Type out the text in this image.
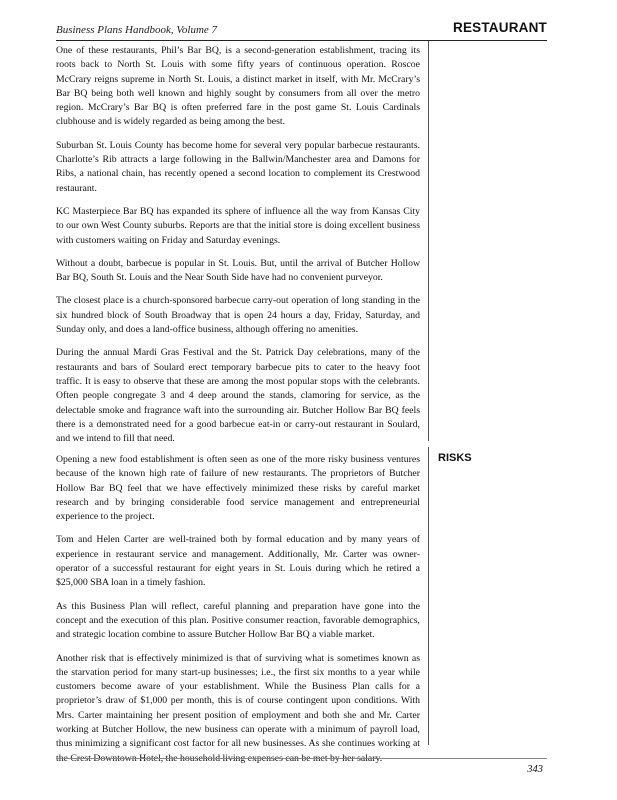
Business Plans Handbook, Volume 7	RESTAURANT

One of these restaurants, Phil’s Bar BQ, is a second-generation establishment, tracing its roots back to North St. Louis with some fifty years of continuous operation. Roscoe McCrary reigns supreme in North St. Louis, a distinct market in itself, with Mr. McCrary’s Bar BQ being both well known and highly sought by consumers from all over the metro region. McCrary’s Bar BQ is often preferred fare in the post game St. Louis Cardinals clubhouse and is widely regarded as being among the best.

Suburban St. Louis County has become home for several very popular barbecue restaurants. Charlotte’s Rib attracts a large following in the Ballwin/Manchester area and Damons for Ribs, a national chain, has recently opened a second location to complement its Crestwood restaurant.

KC Masterpiece Bar BQ has expanded its sphere of influence all the way from Kansas City to our own West County suburbs. Reports are that the initial store is doing excellent business with customers waiting on Friday and Saturday evenings.

Without a doubt, barbecue is popular in St. Louis. But, until the arrival of Butcher Hollow Bar BQ, South St. Louis and the Near South Side have had no convenient purveyor.

The closest place is a church-sponsored barbecue carry-out operation of long standing in the six hundred block of South Broadway that is open 24 hours a day, Friday, Saturday, and Sunday only, and does a land-office business, although offering no amenities.

During the annual Mardi Gras Festival and the St. Patrick Day celebrations, many of the restaurants and bars of Soulard erect temporary barbecue pits to cater to the heavy foot traffic. It is easy to observe that these are among the most popular stops with the celebrants. Often people congregate 3 and 4 deep around the stands, clamoring for service, as the delectable smoke and fragrance waft into the surrounding air. Butcher Hollow Bar BQ feels there is a demonstrated need for a good barbecue eat-in or carry-out restaurant in Soulard, and we intend to fill that need.

RISKS

Opening a new food establishment is often seen as one of the more risky business ventures because of the known high rate of failure of new restaurants. The proprietors of Butcher Hollow Bar BQ feel that we have effectively minimized these risks by careful market research and by bringing considerable food service management and entrepreneurial experience to the project.

Tom and Helen Carter are well-trained both by formal education and by many years of experience in restaurant service and management. Additionally, Mr. Carter was owner-operator of a successful restaurant for eight years in St. Louis during which he retired a $25,000 SBA loan in a timely fashion.

As this Business Plan will reflect, careful planning and preparation have gone into the concept and the execution of this plan. Positive consumer reaction, favorable demographics, and strategic location combine to assure Butcher Hollow Bar BQ a viable market.

Another risk that is effectively minimized is that of surviving what is sometimes known as the starvation period for many start-up businesses; i.e., the first six months to a year while customers become aware of your establishment. While the Business Plan calls for a proprietor’s draw of $1,000 per month, this is of course contingent upon conditions. With Mrs. Carter maintaining her present position of employment and both she and Mr. Carter working at Butcher Hollow, the new business can operate with a minimum of payroll load, thus minimizing a significant cost factor for all new businesses. As she continues working at the Crest Downtown Hotel, the household living expenses can be met by her salary.

343
